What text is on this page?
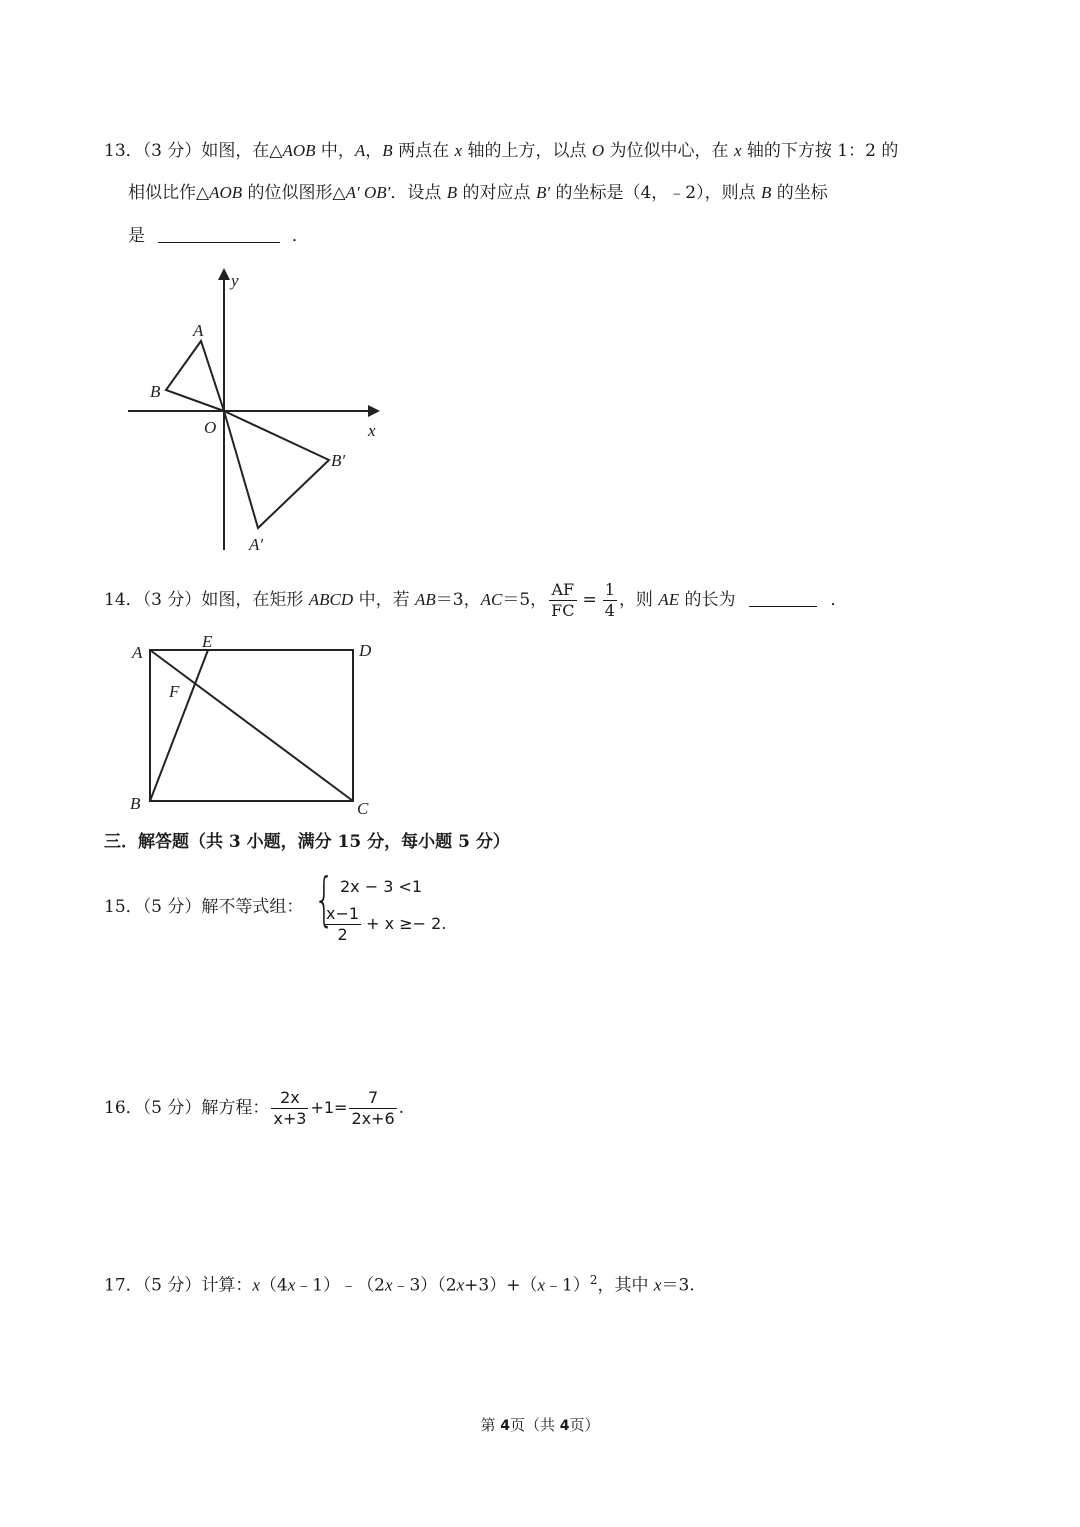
13．（3 分）如图，在△AOB 中，A，B 两点在 x 轴的上方，以点 O 为位似中心，在 x 轴的下方按 1：2 的
相似比作△AOB 的位似图形△A′ OB′．设点 B 的对应点 B′ 的坐标是（4，﹣2），则点 B 的坐标
是	．
y
x
A
B
O
B′
A′
14．（3 分）如图，在矩形 ABCD 中，若 AB＝3，AC＝5， $\frac{AF}{FC} = \frac{1}{4}$ ，则 AE 的长为	．
A
E	D
F
B	C
三．解答题（共 3 小题，满分 15 分，每小题 5 分）
15．（5 分）解不等式组： { 2x − 3 <1
$\frac{x-1}{2} + x \ge- 2$.
16．（5 分）解方程： $\frac{2x}{x+3} +1= \frac{7}{2x+6}$ .
17．（5 分）计算：x（4x﹣1）﹣（2x﹣3）（2x+3）+（x﹣1）$^2$，其中 x＝3.
第 4页（共 4页）
